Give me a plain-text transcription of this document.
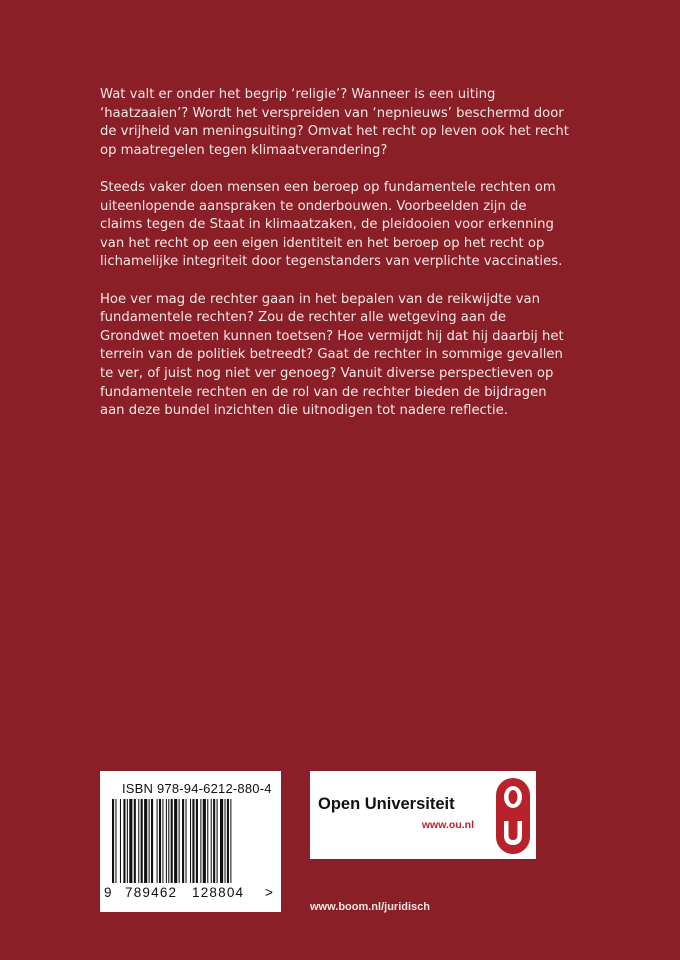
Wat valt er onder het begrip ‘religie’? Wanneer is een uiting ‘haatzaaien’? Wordt het verspreiden van ‘nepnieuws’ beschermd door de vrijheid van meningsuiting? Omvat het recht op leven ook het recht op maatregelen tegen klimaatverandering?

Steeds vaker doen mensen een beroep op fundamentele rechten om uiteenlopende aanspraken te onderbouwen. Voorbeelden zijn de claims tegen de Staat in klimaatzaken, de pleidooien voor erkenning van het recht op een eigen identiteit en het beroep op het recht op lichamelijke integriteit door tegenstanders van verplichte vaccinaties.

Hoe ver mag de rechter gaan in het bepalen van de reikwijdte van fundamentele rechten? Zou de rechter alle wetgeving aan de Grondwet moeten kunnen toetsen? Hoe vermijdt hij dat hij daarbij het terrein van de politiek betreedt? Gaat de rechter in sommige gevallen te ver, of juist nog niet ver genoeg? Vanuit diverse perspectieven op fundamentele rechten en de rol van de rechter bieden de bijdragen aan deze bundel inzichten die uitnodigen tot nadere reflectie.

ISBN 978-94-6212-880-4
9 789462 128804 >
Open Universiteit
www.ou.nl
www.boom.nl/juridisch
